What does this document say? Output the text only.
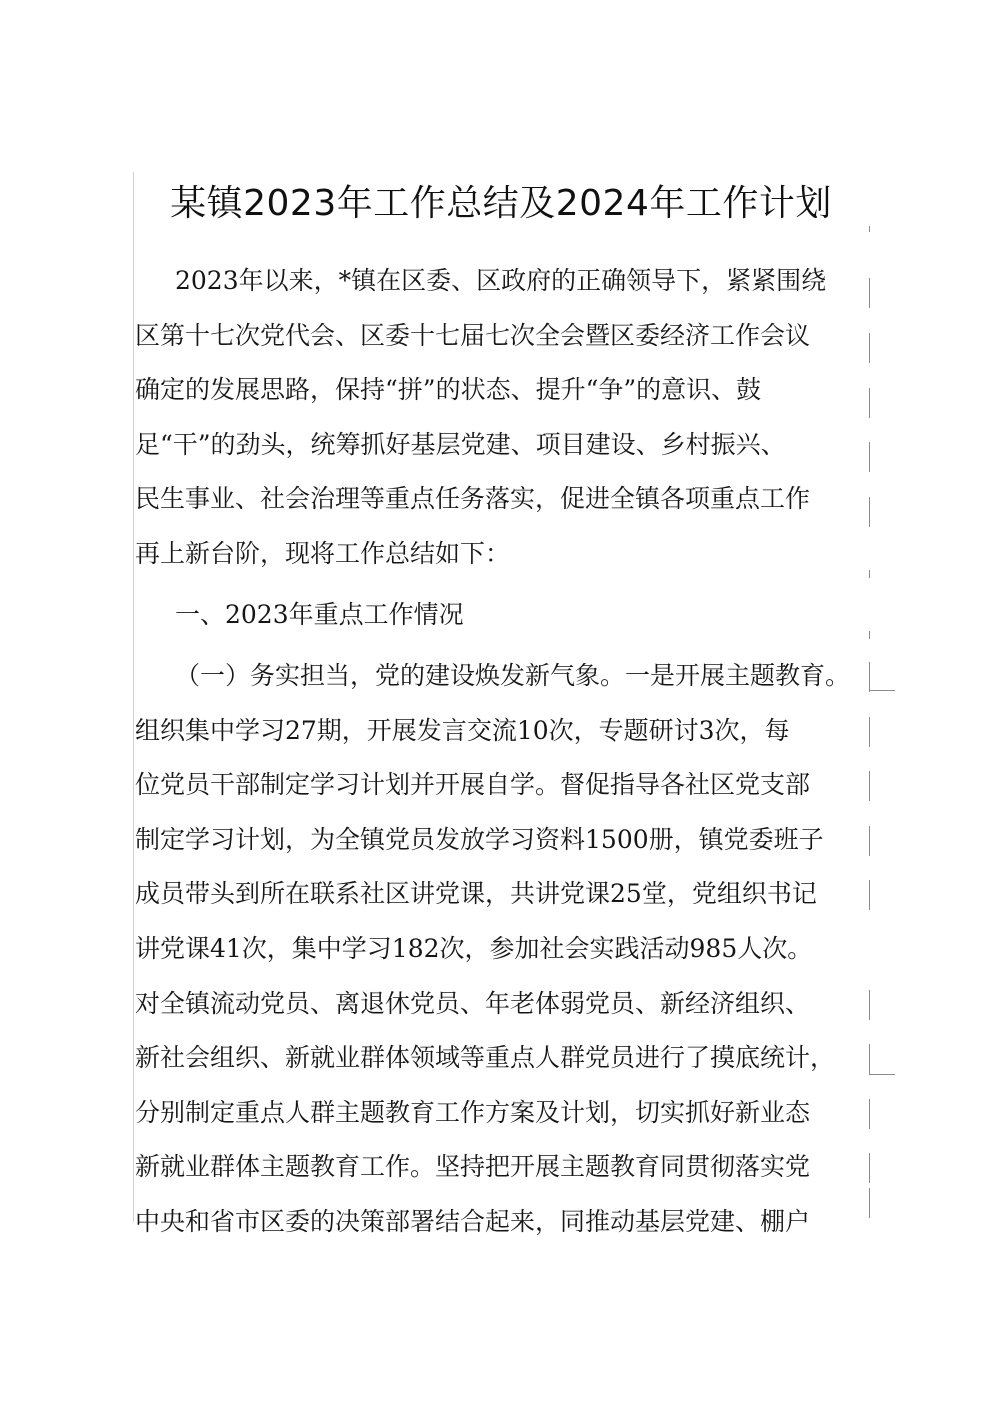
某镇2023年工作总结及2024年工作计划
2023年以来，*镇在区委、区政府的正确领导下，紧紧围绕
区第十七次党代会、区委十七届七次全会暨区委经济工作会议
确定的发展思路，保持“拼”的状态、提升“争”的意识、鼓
足“干”的劲头，统筹抓好基层党建、项目建设、乡村振兴、
民生事业、社会治理等重点任务落实，促进全镇各项重点工作
再上新台阶，现将工作总结如下：
一、2023年重点工作情况
（一）务实担当，党的建设焕发新气象。一是开展主题教育。
组织集中学习27期，开展发言交流10次，专题研讨3次，每
位党员干部制定学习计划并开展自学。督促指导各社区党支部
制定学习计划，为全镇党员发放学习资料1500册，镇党委班子
成员带头到所在联系社区讲党课，共讲党课25堂，党组织书记
讲党课41次，集中学习182次，参加社会实践活动985人次。
对全镇流动党员、离退休党员、年老体弱党员、新经济组织、
新社会组织、新就业群体领域等重点人群党员进行了摸底统计，
分别制定重点人群主题教育工作方案及计划，切实抓好新业态
新就业群体主题教育工作。坚持把开展主题教育同贯彻落实党
中央和省市区委的决策部署结合起来，同推动基层党建、棚户
